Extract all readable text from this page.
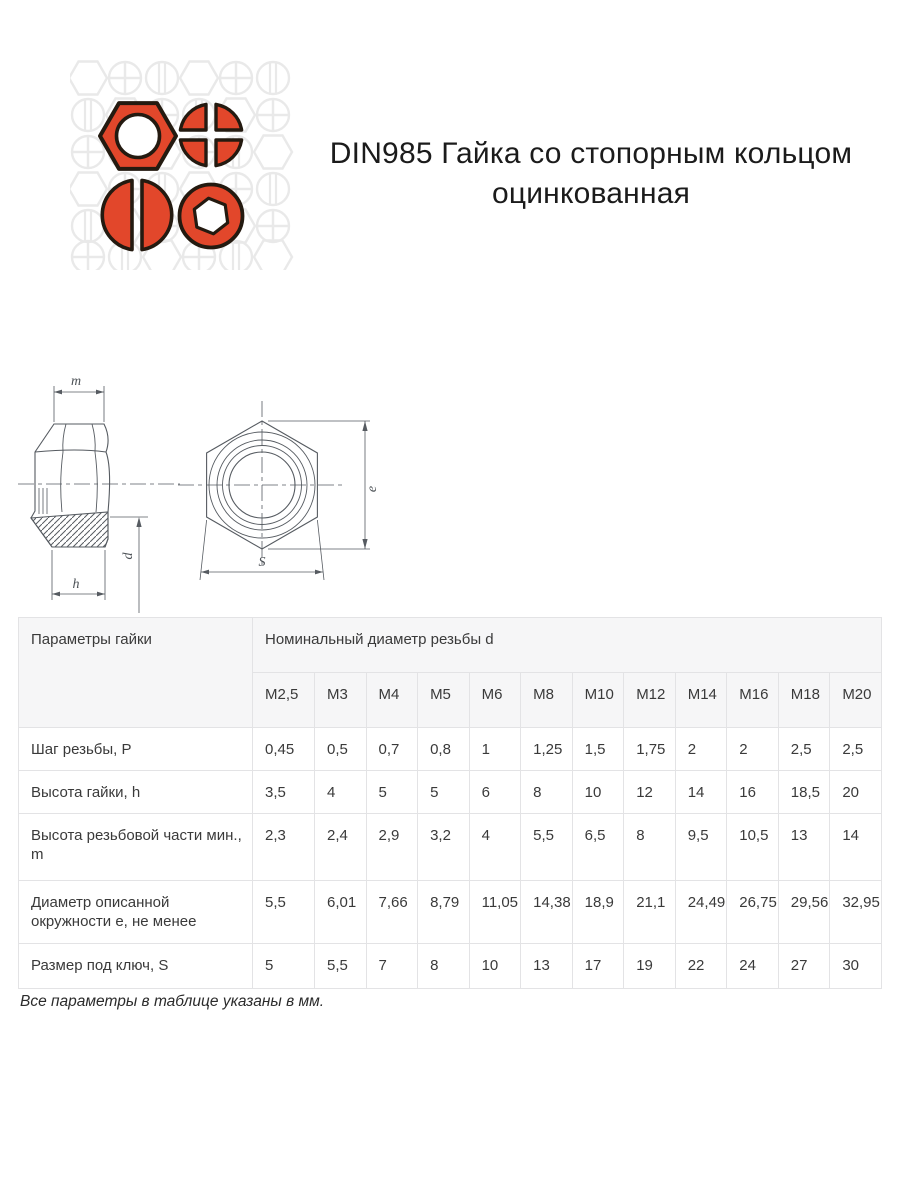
DIN985 Гайка со стопорным кольцом оцинкованная
m
h
d
e
S
Параметры гайки	Номинальный диаметр резьбы d											
	M2,5	M3	M4	M5	M6	M8	M10	M12	M14	M16	M18	M20
Шаг резьбы, P	0,45	0,5	0,7	0,8	1	1,25	1,5	1,75	2	2	2,5	2,5
Высота гайки, h	3,5	4	5	5	6	8	10	12	14	16	18,5	20
Высота резьбовой части мин., m	2,3	2,4	2,9	3,2	4	5,5	6,5	8	9,5	10,5	13	14
Диаметр описанной окружности e, не менее	5,5	6,01	7,66	8,79	11,05	14,38	18,9	21,1	24,49	26,75	29,56	32,95
Размер под ключ, S	5	5,5	7	8	10	13	17	19	22	24	27	30
Все параметры в таблице указаны в мм.
